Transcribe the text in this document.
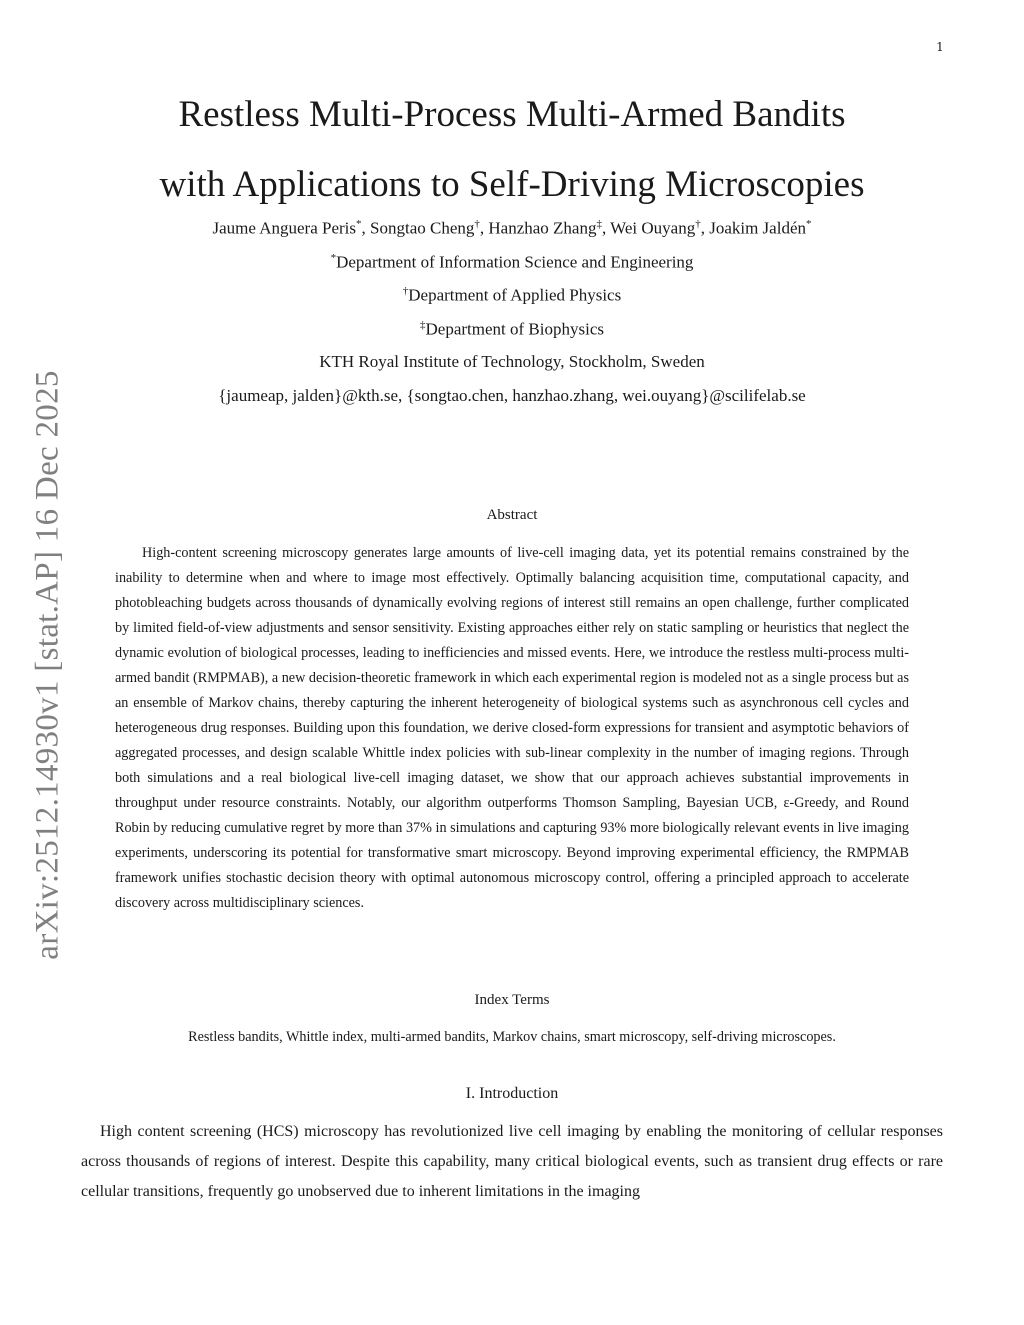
1
arXiv:2512.14930v1 [stat.AP] 16 Dec 2025
Restless Multi-Process Multi-Armed Bandits
with Applications to Self-Driving Microscopies
Jaume Anguera Peris*, Songtao Cheng†, Hanzhao Zhang‡, Wei Ouyang†, Joakim Jaldén*
*Department of Information Science and Engineering
†Department of Applied Physics
‡Department of Biophysics
KTH Royal Institute of Technology, Stockholm, Sweden
{jaumeap, jalden}@kth.se, {songtao.chen, hanzhao.zhang, wei.ouyang}@scilifelab.se
Abstract

High-content screening microscopy generates large amounts of live-cell imaging data, yet its potential remains constrained by the inability to determine when and where to image most effectively. Optimally balancing acquisition time, computational capacity, and photobleaching budgets across thousands of dynamically evolving regions of interest still remains an open challenge, further complicated by limited field-of-view adjustments and sensor sensitivity. Existing approaches either rely on static sampling or heuristics that neglect the dynamic evolution of biological processes, leading to inefficiencies and missed events. Here, we introduce the restless multi-process multi-armed bandit (RMPMAB), a new decision-theoretic framework in which each experimental region is modeled not as a single process but as an ensemble of Markov chains, thereby capturing the inherent heterogeneity of biological systems such as asynchronous cell cycles and heterogeneous drug responses. Building upon this foundation, we derive closed-form expressions for transient and asymptotic behaviors of aggregated processes, and design scalable Whittle index policies with sub-linear complexity in the number of imaging regions. Through both simulations and a real biological live-cell imaging dataset, we show that our approach achieves substantial improvements in throughput under resource constraints. Notably, our algorithm outperforms Thomson Sampling, Bayesian UCB, ε-Greedy, and Round Robin by reducing cumulative regret by more than 37% in simulations and capturing 93% more biologically relevant events in live imaging experiments, underscoring its potential for transformative smart microscopy. Beyond improving experimental efficiency, the RMPMAB framework unifies stochastic decision theory with optimal autonomous microscopy control, offering a principled approach to accelerate discovery across multidisciplinary sciences.

Index Terms
Restless bandits, Whittle index, multi-armed bandits, Markov chains, smart microscopy, self-driving microscopes.
I. Introduction

High content screening (HCS) microscopy has revolutionized live cell imaging by enabling the monitoring of cellular responses across thousands of regions of interest. Despite this capability, many critical biological events, such as transient drug effects or rare cellular transitions, frequently go unobserved due to inherent limitations in the imaging
